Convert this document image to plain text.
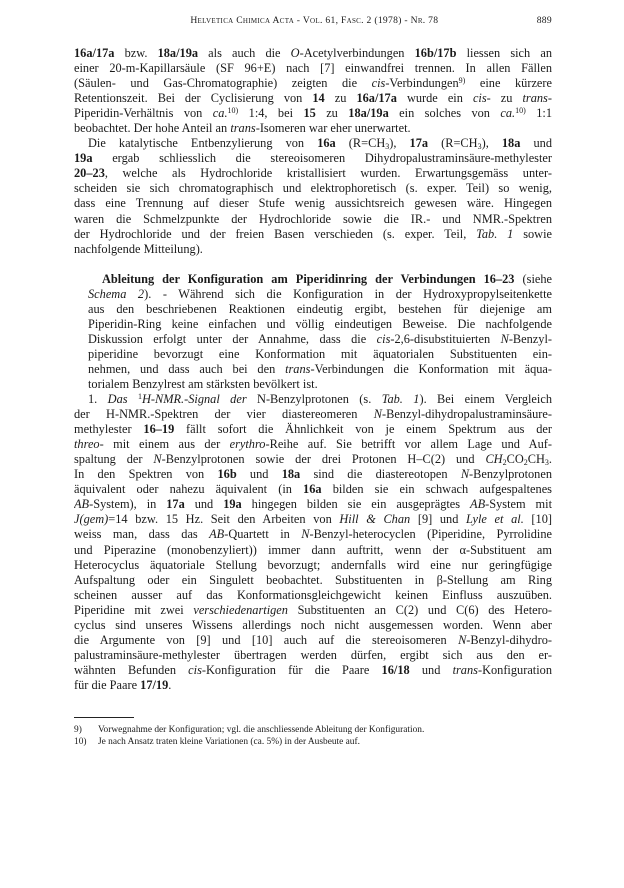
Helvetica Chimica Acta - Vol. 61, Fasc. 2 (1978) - Nr. 78	889

16a/17a bzw. 18a/19a als auch die O-Acetylverbindungen 16b/17b liessen sich an
einer 20-m-Kapillarsäule (SF 96+E) nach [7] einwandfrei trennen. In allen Fällen
(Säulen- und Gas-Chromatographie) zeigten die cis-Verbindungen$^{9)}$ eine kürzere
Retentionszeit. Bei der Cyclisierung von 14 zu 16a/17a wurde ein cis- zu trans-
Piperidin-Verhältnis von ca.$^{10)}$ 1:4, bei 15 zu 18a/19a ein solches von ca.$^{10)}$ 1:1
beobachtet. Der hohe Anteil an trans-Isomeren war eher unerwartet.

Die katalytische Entbenzylierung von 16a $(R=CH_3)$, 17a $(R=CH_3)$, 18a und
19a ergab schliesslich die stereoisomeren Dihydropalustraminsäure-methylester
20–23, welche als Hydrochloride kristallisiert wurden. Erwartungsgemäss unter-
scheiden sie sich chromatographisch und elektrophoretisch (s. exper. Teil) so wenig,
dass eine Trennung auf dieser Stufe wenig aussichtsreich gewesen wäre. Hingegen
waren die Schmelzpunkte der Hydrochloride sowie die IR.- und NMR.-Spektren
der Hydrochloride und der freien Basen verschieden (s. exper. Teil, Tab. 1 sowie
nachfolgende Mitteilung).

Ableitung der Konfiguration am Piperidinring der Verbindungen 16–23 (siehe
Schema 2). - Während sich die Konfiguration in der Hydroxypropylseitenkette
aus den beschriebenen Reaktionen eindeutig ergibt, bestehen für diejenige am
Piperidin-Ring keine einfachen und völlig eindeutigen Beweise. Die nachfolgende
Diskussion erfolgt unter der Annahme, dass die cis-2,6-disubstituierten N-Benzyl-
piperidine bevorzugt eine Konformation mit äquatorialen Substituenten ein-
nehmen, und dass auch bei den trans-Verbindungen die Konformation mit äqua-
torialem Benzylrest am stärksten bevölkert ist.

1. Das $^1$H-NMR.-Signal der N-Benzylprotonen (s. Tab. 1). Bei einem Vergleich
der H-NMR.-Spektren der vier diastereomeren N-Benzyl-dihydropalustraminsäure-
methylester 16–19 fällt sofort die Ähnlichkeit von je einem Spektrum aus der
threo- mit einem aus der erythro-Reihe auf. Sie betrifft vor allem Lage und Auf-
spaltung der N-Benzylprotonen sowie der drei Protonen H–C(2) und $CH_2CO_2CH_3$.
In den Spektren von 16b und 18a sind die diastereotopen N-Benzylprotonen
äquivalent oder nahezu äquivalent (in 16a bilden sie ein schwach aufgespaltenes
AB-System), in 17a und 19a hingegen bilden sie ein ausgeprägtes AB-System mit
J(gem)=14 bzw. 15 Hz. Seit den Arbeiten von Hill & Chan [9] und Lyle et al. [10]
weiss man, dass das AB-Quartett in N-Benzyl-heterocyclen (Piperidine, Pyrrolidine
und Piperazine (monobenzyliert)) immer dann auftritt, wenn der α-Substituent am
Heterocyclus äquatoriale Stellung bevorzugt; andernfalls wird eine nur geringfügige
Aufspaltung oder ein Singulett beobachtet. Substituenten in β-Stellung am Ring
scheinen ausser auf das Konformationsgleichgewicht keinen Einfluss auszuüben.
Piperidine mit zwei verschiedenartigen Substituenten an C(2) und C(6) des Hetero-
cyclus sind unseres Wissens allerdings noch nicht ausgemessen worden. Wenn aber
die Argumente von [9] und [10] auch auf die stereoisomeren N-Benzyl-dihydro-
palustraminsäure-methylester übertragen werden dürfen, ergibt sich aus den er-
wähnten Befunden cis-Konfiguration für die Paare 16/18 und trans-Konfiguration
für die Paare 17/19.

9)	Vorwegnahme der Konfiguration; vgl. die anschliessende Ableitung der Konfiguration.
10)	Je nach Ansatz traten kleine Variationen (ca. 5%) in der Ausbeute auf.
